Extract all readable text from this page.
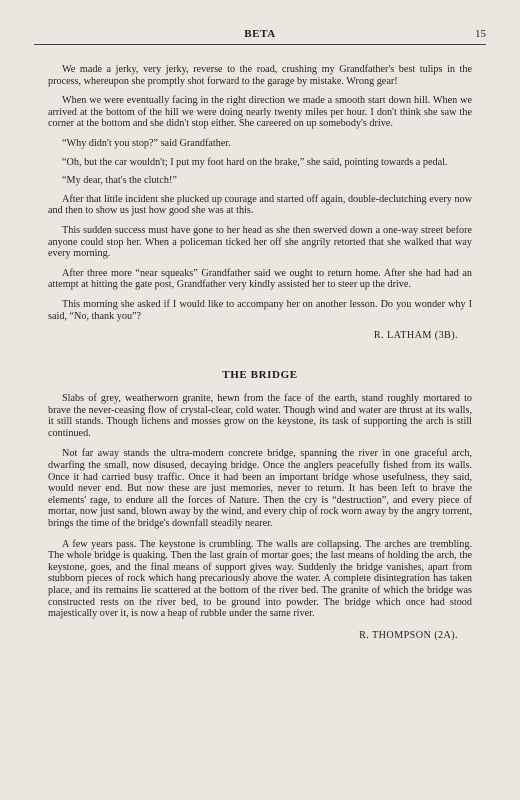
BETA	15

We made a jerky, very jerky, reverse to the road, crushing my Grandfather's best tulips in the process, whereupon she promptly shot forward to the garage by mistake. Wrong gear!

When we were eventually facing in the right direction we made a smooth start down hill. When we arrived at the bottom of the hill we were doing nearly twenty miles per hour. I don't think she saw the corner at the bottom and she didn't stop either. She careered on up somebody's drive.

“Why didn't you stop?” said Grandfather.

“Oh, but the car wouldn't; I put my foot hard on the brake,” she said, pointing towards a pedal.

“My dear, that's the clutch!”

After that little incident she plucked up courage and started off again, double-declutching every now and then to show us just how good she was at this.

This sudden success must have gone to her head as she then swerved down a one-way street before anyone could stop her. When a policeman ticked her off she angrily retorted that she walked that way every morning.

After three more “near squeaks” Grandfather said we ought to return home. After she had had an attempt at hitting the gate post, Grandfather very kindly assisted her to steer up the drive.

This morning she asked if I would like to accompany her on another lesson. Do you wonder why I said, “No, thank you”?

R. LATHAM (3B).
THE BRIDGE

Slabs of grey, weatherworn granite, hewn from the face of the earth, stand roughly mortared to brave the never-ceasing flow of crystal-clear, cold water. Though wind and water are thrust at its walls, it still stands. Though lichens and mosses grow on the keystone, its task of supporting the arch is still continued.

Not far away stands the ultra-modern concrete bridge, spanning the river in one graceful arch, dwarfing the small, now disused, decaying bridge. Once the anglers peacefully fished from its walls. Once it had carried busy traffic. Once it had been an important bridge whose usefulness, they said, would never end. But now these are just memories, never to return. It has been left to brave the elements' rage, to endure all the forces of Nature. Then the cry is “destruction”, and every piece of mortar, now just sand, blown away by the wind, and every chip of rock worn away by the angry torrent, brings the time of the bridge's downfall steadily nearer.

A few years pass. The keystone is crumbling. The walls are collapsing. The arches are trembling. The whole bridge is quaking. Then the last grain of mortar goes; the last means of holding the arch, the keystone, goes, and the final means of support gives way. Suddenly the bridge vanishes, apart from stubborn pieces of rock which hang precariously above the water. A complete disintegration has taken place, and its remains lie scattered at the bottom of the river bed. The granite of which the bridge was constructed rests on the river bed, to be ground into powder. The bridge which once had stood majestically over it, is now a heap of rubble under the same river.

R. THOMPSON (2A).
